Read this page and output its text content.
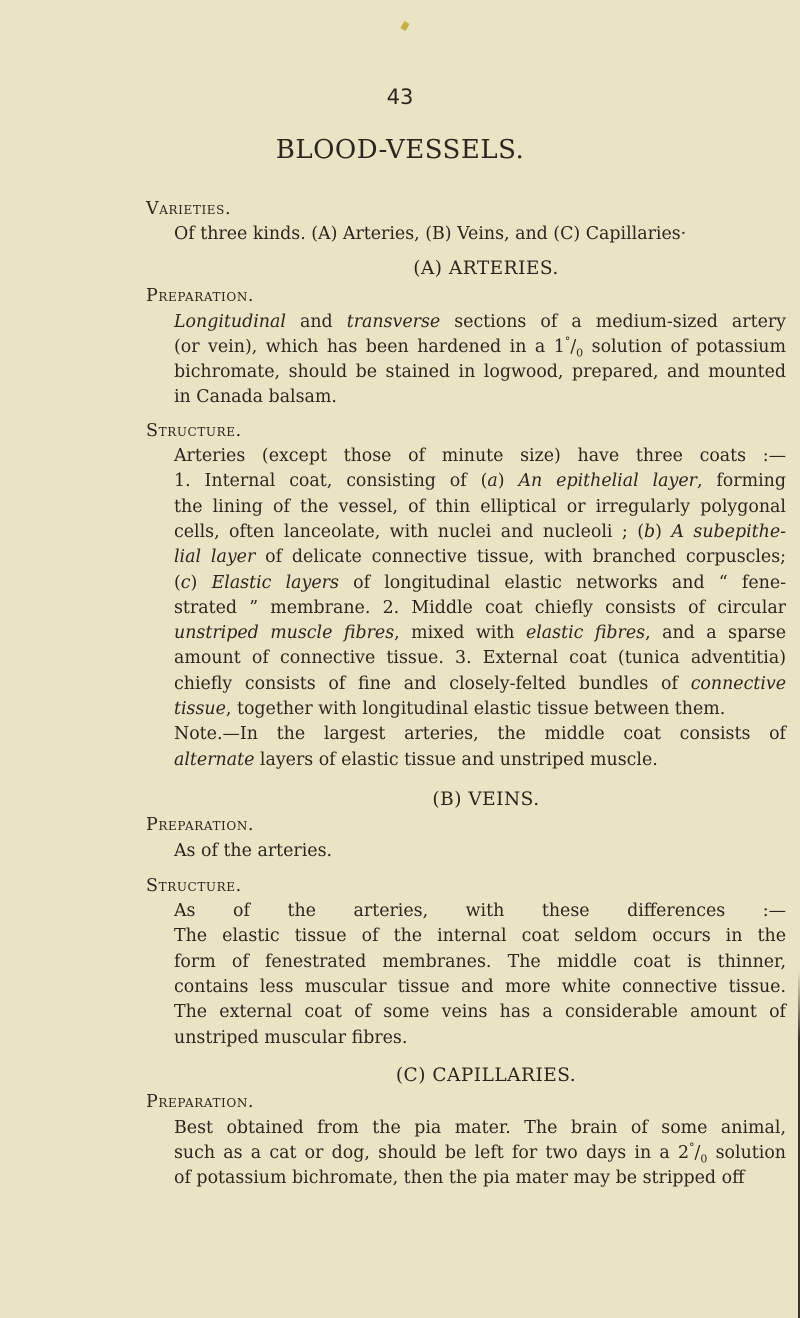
43
BLOOD-VESSELS.
Varieties.
Of three kinds. (A) Arteries, (B) Veins, and (C) Capillaries·
(A) ARTERIES.
Preparation.
Longitudinal and transverse sections of a medium-sized artery
(or vein), which has been hardened in a $1^\circ/_0$ solution of potassium
bichromate, should be stained in logwood, prepared, and mounted
in Canada balsam.
Structure.
Arteries (except those of minute size) have three coats :—
1. Internal coat, consisting of (a) An epithelial layer, forming
the lining of the vessel, of thin elliptical or irregularly polygonal
cells, often lanceolate, with nuclei and nucleoli ; (b) A subepithe-
lial layer of delicate connective tissue, with branched corpuscles;
(c) Elastic layers of longitudinal elastic networks and “ fene-
strated ” membrane. 2. Middle coat chiefly consists of circular
unstriped muscle fibres, mixed with elastic fibres, and a sparse
amount of connective tissue. 3. External coat (tunica adventitia)
chiefly consists of fine and closely-felted bundles of connective
tissue, together with longitudinal elastic tissue between them.
Note.—In the largest arteries, the middle coat consists of
alternate layers of elastic tissue and unstriped muscle.
(B) VEINS.
Preparation.
As of the arteries.
Structure.
As of the arteries, with these differences :—
The elastic tissue of the internal coat seldom occurs in the
form of fenestrated membranes. The middle coat is thinner,
contains less muscular tissue and more white connective tissue.
The external coat of some veins has a considerable amount of
unstriped muscular fibres.
(C) CAPILLARIES.
Preparation.
Best obtained from the pia mater. The brain of some animal,
such as a cat or dog, should be left for two days in a $2^\circ/_0$ solution
of potassium bichromate, then the pia mater may be stripped off
